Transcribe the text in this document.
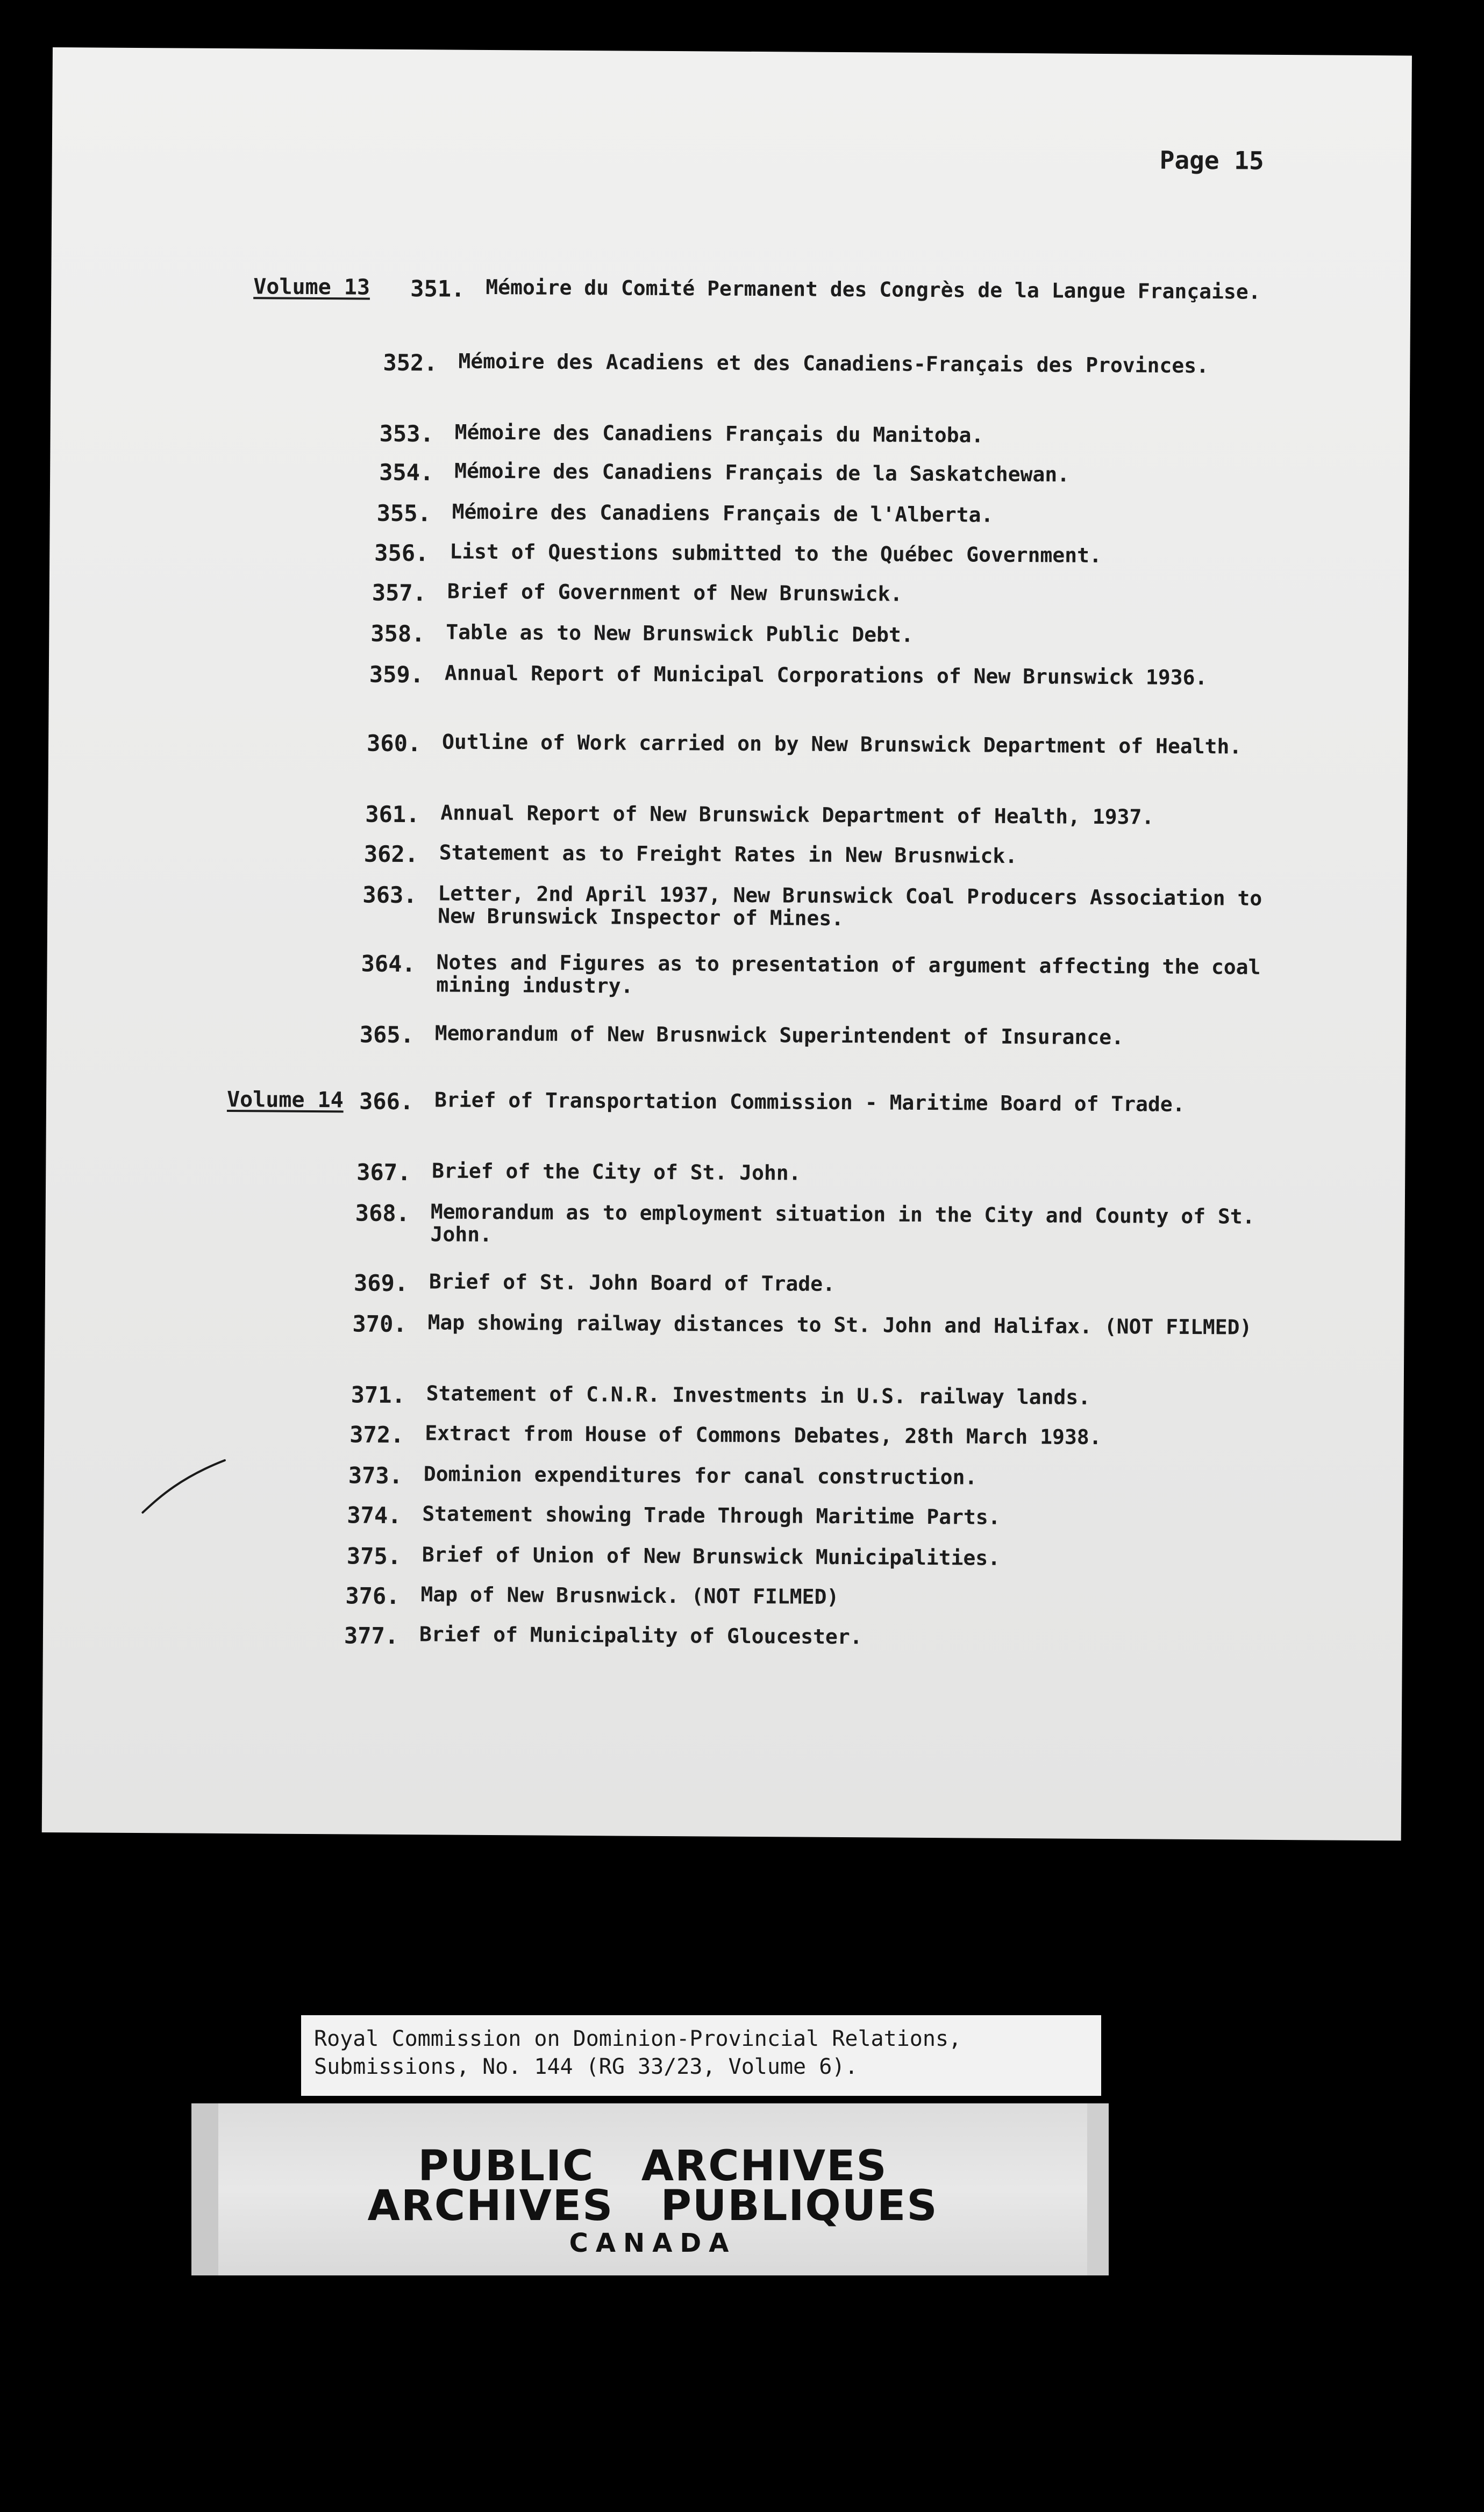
Page 15
Volume 13 351. Mémoire du Comité Permanent des Congrès de la Langue Française.
352. Mémoire des Acadiens et des Canadiens-Français des Provinces.
353. Mémoire des Canadiens Français du Manitoba.
354. Mémoire des Canadiens Français de la Saskatchewan.
355. Mémoire des Canadiens Français de l'Alberta.
356. List of Questions submitted to the Québec Government.
357. Brief of Government of New Brunswick.
358. Table as to New Brunswick Public Debt.
359. Annual Report of Municipal Corporations of New Brunswick 1936.
360. Outline of Work carried on by New Brunswick Department of Health.
361. Annual Report of New Brunswick Department of Health, 1937.
362. Statement as to Freight Rates in New Brusnwick.
363. Letter, 2nd April 1937, New Brunswick Coal Producers Association to New Brunswick Inspector of Mines.
364. Notes and Figures as to presentation of argument affecting the coal mining industry.
365. Memorandum of New Brusnwick Superintendent of Insurance.
Volume 14 366. Brief of Transportation Commission - Maritime Board of Trade.
367. Brief of the City of St. John.
368. Memorandum as to employment situation in the City and County of St. John.
369. Brief of St. John Board of Trade.
370. Map showing railway distances to St. John and Halifax. (NOT FILMED)
371. Statement of C.N.R. Investments in U.S. railway lands.
372. Extract from House of Commons Debates, 28th March 1938.
373. Dominion expenditures for canal construction.
374. Statement showing Trade Through Maritime Parts.
375. Brief of Union of New Brunswick Municipalities.
376. Map of New Brusnwick. (NOT FILMED)
377. Brief of Municipality of Gloucester.
Royal Commission on Dominion-Provincial Relations,
Submissions, No. 144 (RG 33/23, Volume 6).
PUBLIC   ARCHIVES
ARCHIVES   PUBLIQUES
CANADA
